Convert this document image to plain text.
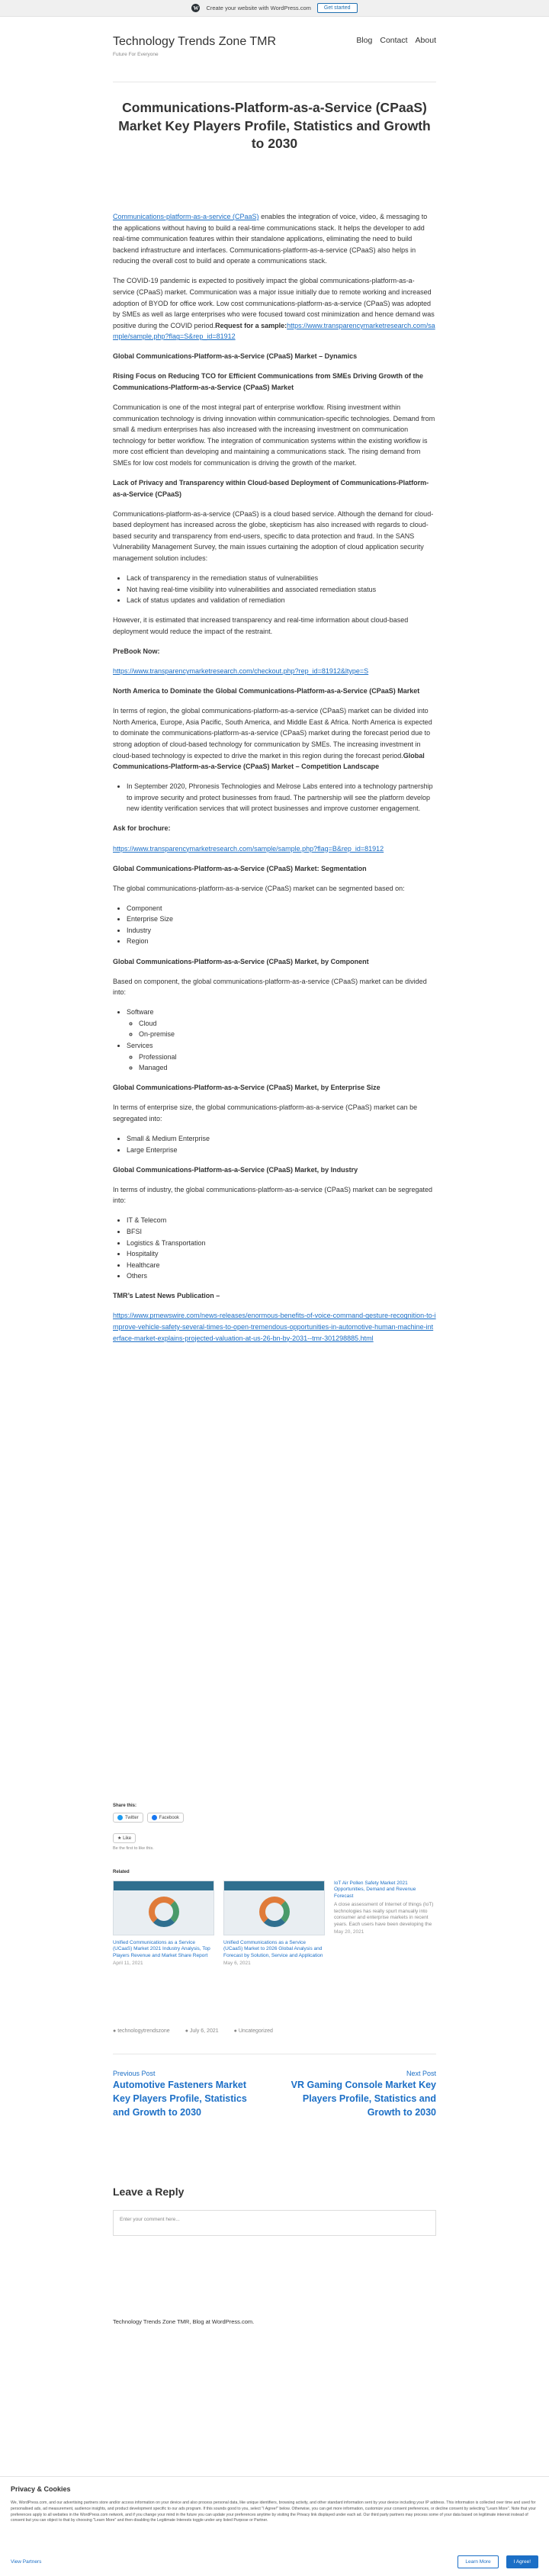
W Create your website with WordPress.com	Get started
Technology Trends Zone TMR
Future For Everyone
Blog Contact About
Communications-Platform-as-a-Service (CPaaS) Market Key Players Profile, Statistics and Growth to 2030

Communications-platform-as-a-service (CPaaS) enables the integration of voice, video, & messaging to the applications without having to build a real-time communications stack. It helps the developer to add real-time communication features within their standalone applications, eliminating the need to build backend infrastructure and interfaces. Communications-platform-as-a-service (CPaaS) also helps in reducing the overall cost to build and operate a communications stack.

The COVID-19 pandemic is expected to positively impact the global communications-platform-as-a-service (CPaaS) market. Communication was a major issue initially due to remote working and increased adoption of BYOD for office work. Low cost communications-platform-as-a-service (CPaaS) was adopted by SMEs as well as large enterprises who were focused toward cost minimization and hence demand was positive during the COVID period.Request for a sample:https://www.transparencymarketresearch.com/sample/sample.php?flag=S&rep_id=81912

Global Communications-Platform-as-a-Service (CPaaS) Market – Dynamics

Rising Focus on Reducing TCO for Efficient Communications from SMEs Driving Growth of the Communications-Platform-as-a-Service (CPaaS) Market

Communication is one of the most integral part of enterprise workflow. Rising investment within communication technology is driving innovation within communication-specific technologies. Demand from small & medium enterprises has also increased with the increasing investment on communication technology for better workflow. The integration of communication systems within the existing workflow is more cost efficient than developing and maintaining a communications stack. The rising demand from SMEs for low cost models for communication is driving the growth of the market.

Lack of Privacy and Transparency within Cloud-based Deployment of Communications-Platform-as-a-Service (CPaaS)

Communications-platform-as-a-service (CPaaS) is a cloud based service. Although the demand for cloud-based deployment has increased across the globe, skepticism has also increased with regards to cloud-based security and transparency from end-users, specific to data protection and fraud. In the SANS Vulnerability Management Survey, the main issues curtaining the adoption of cloud application security management solution includes:

• Lack of transparency in the remediation status of vulnerabilities
• Not having real-time visibility into vulnerabilities and associated remediation status
• Lack of status updates and validation of remediation

However, it is estimated that increased transparency and real-time information about cloud-based deployment would reduce the impact of the restraint.

PreBook Now:

https://www.transparencymarketresearch.com/checkout.php?rep_id=81912&ltype=S

North America to Dominate the Global Communications-Platform-as-a-Service (CPaaS) Market

In terms of region, the global communications-platform-as-a-service (CPaaS) market can be divided into North America, Europe, Asia Pacific, South America, and Middle East & Africa. North America is expected to dominate the communications-platform-as-a-service (CPaaS) market during the forecast period due to strong adoption of cloud-based technology for communication by SMEs. The increasing investment in cloud-based technology is expected to drive the market in this region during the forecast period.Global Communications-Platform-as-a-Service (CPaaS) Market – Competition Landscape

• In September 2020, Phronesis Technologies and Melrose Labs entered into a technology partnership to improve security and protect businesses from fraud. The partnership will see the platform develop new identity verification services that will protect businesses and improve customer engagement.

Ask for brochure:

https://www.transparencymarketresearch.com/sample/sample.php?flag=B&rep_id=81912

Global Communications-Platform-as-a-Service (CPaaS) Market: Segmentation

The global communications-platform-as-a-service (CPaaS) market can be segmented based on:

• Component
• Enterprise Size
• Industry
• Region

Global Communications-Platform-as-a-Service (CPaaS) Market, by Component

Based on component, the global communications-platform-as-a-service (CPaaS) market can be divided into:

• Software
◦ Cloud
◦ On-premise
• Services
◦ Professional
◦ Managed

Global Communications-Platform-as-a-Service (CPaaS) Market, by Enterprise Size

In terms of enterprise size, the global communications-platform-as-a-service (CPaaS) market can be segregated into:

• Small & Medium Enterprise
• Large Enterprise

Global Communications-Platform-as-a-Service (CPaaS) Market, by Industry

In terms of industry, the global communications-platform-as-a-service (CPaaS) market can be segregated into:

• IT & Telecom
• BFSI
• Logistics & Transportation
• Hospitality
• Healthcare
• Others

TMR’s Latest News Publication –

https://www.prnewswire.com/news-releases/enormous-benefits-of-voice-command-gesture-recognition-to-improve-vehicle-safety-several-times-to-open-tremendous-opportunities-in-automotive-human-machine-interface-market-explains-projected-valuation-at-us-26-bn-by-2031--tmr-301298885.html

Share this:
Twitter	Facebook
★ Like
Be the first to like this.
Related
Unified Communications as a Service (UCaaS) Market 2021 Industry Analysis, Top Players Revenue and Market Share Report
April 11, 2021
Unified Communications as a Service (UCaaS) Market to 2026 Global Analysis and Forecast by Solution, Service and Application
May 6, 2021
IoT Air Pollen Safety Market 2021 Opportunities, Demand and Revenue Forecast
A close assessment of Internet of things (IoT) technologies has really spurt manually into consumer and enterprise markets in recent years. Each users have been developing the
May 20, 2021
● technologytrendszone	● July 6, 2021	● Uncategorized
Previous Post
Automotive Fasteners Market Key Players Profile, Statistics and Growth to 2030
Next Post
VR Gaming Console Market Key Players Profile, Statistics and Growth to 2030
Leave a Reply
Enter your comment here...
Technology Trends Zone TMR, Blog at WordPress.com.
Privacy & Cookies
We, WordPress.com, and our advertising partners store and/or access information on your device and also process personal data, like unique identifiers, browsing activity, and other standard information sent by your device including your IP address. This information is collected over time and used for personalised ads, ad measurement, audience insights, and product development specific to our ads program. If this sounds good to you, select "I Agree!" below. Otherwise, you can get more information, customize your consent preferences, or decline consent by selecting "Learn More". Note that your preferences apply to all websites in the WordPress.com network, and if you change your mind in the future you can update your preferences anytime by visiting the Privacy link displayed under each ad. Our third party partners may process some of your data based on legitimate interest instead of consent but you can object to that by choosing "Learn More" and then disabling the Legitimate Interests toggle under any listed Purpose or Partner.
View Partners	Learn More	I Agree!
